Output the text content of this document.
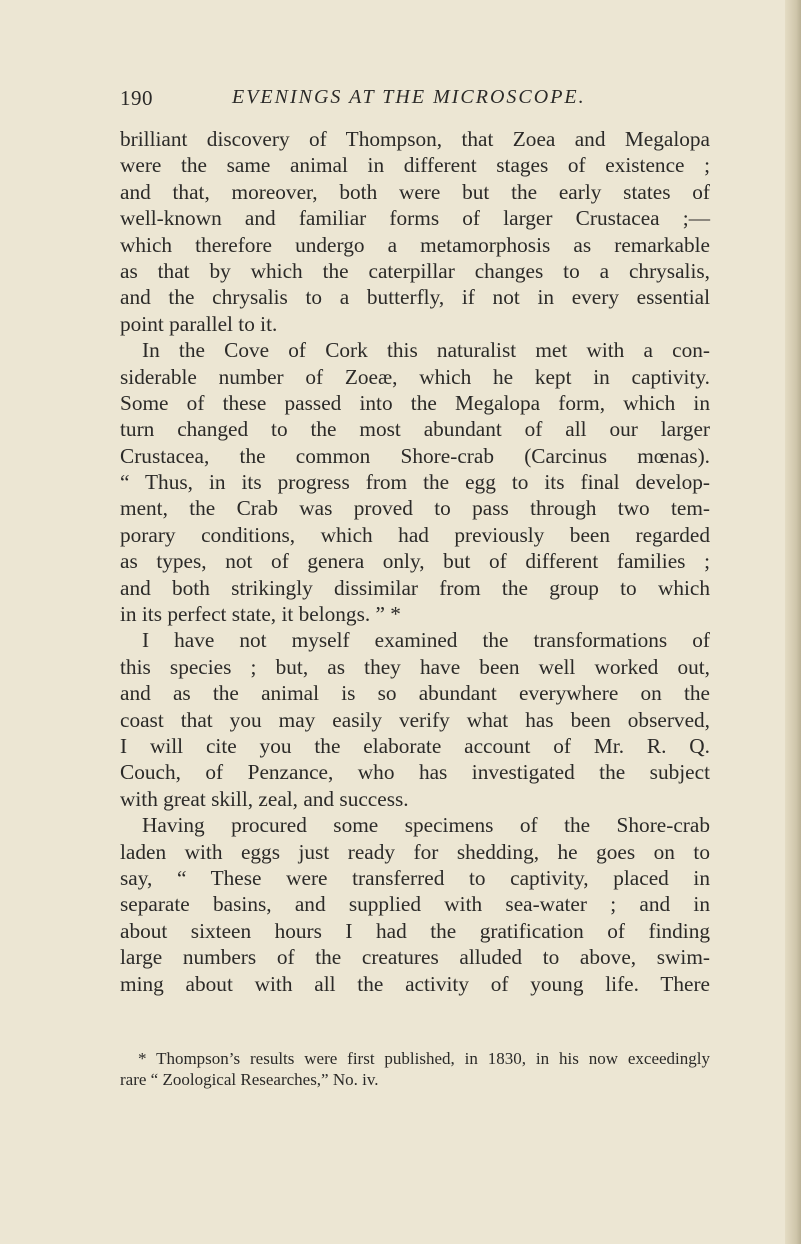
190	EVENINGS AT THE MICROSCOPE.
brilliant discovery of Thompson, that Zoea and Megalopa
were the same animal in different stages of existence ;
and that, moreover, both were but the early states of
well-known and familiar forms of larger Crustacea ;—
which therefore undergo a metamorphosis as remarkable
as that by which the caterpillar changes to a chrysalis,
and the chrysalis to a butterfly, if not in every essential
point parallel to it.
In the Cove of Cork this naturalist met with a con-
siderable number of Zoeæ, which he kept in captivity.
Some of these passed into the Megalopa form, which in
turn changed to the most abundant of all our larger
Crustacea, the common Shore-crab (Carcinus mœnas).
“ Thus, in its progress from the egg to its final develop-
ment, the Crab was proved to pass through two tem-
porary conditions, which had previously been regarded
as types, not of genera only, but of different families ;
and both strikingly dissimilar from the group to which
in its perfect state, it belongs. ” *
I have not myself examined the transformations of
this species ; but, as they have been well worked out,
and as the animal is so abundant everywhere on the
coast that you may easily verify what has been observed,
I will cite you the elaborate account of Mr. R. Q.
Couch, of Penzance, who has investigated the subject
with great skill, zeal, and success.
Having procured some specimens of the Shore-crab
laden with eggs just ready for shedding, he goes on to
say, “ These were transferred to captivity, placed in
separate basins, and supplied with sea-water ; and in
about sixteen hours I had the gratification of finding
large numbers of the creatures alluded to above, swim-
ming about with all the activity of young life. There
* Thompson’s results were first published, in 1830, in his now exceedingly
rare “ Zoological Researches,” No. iv.
